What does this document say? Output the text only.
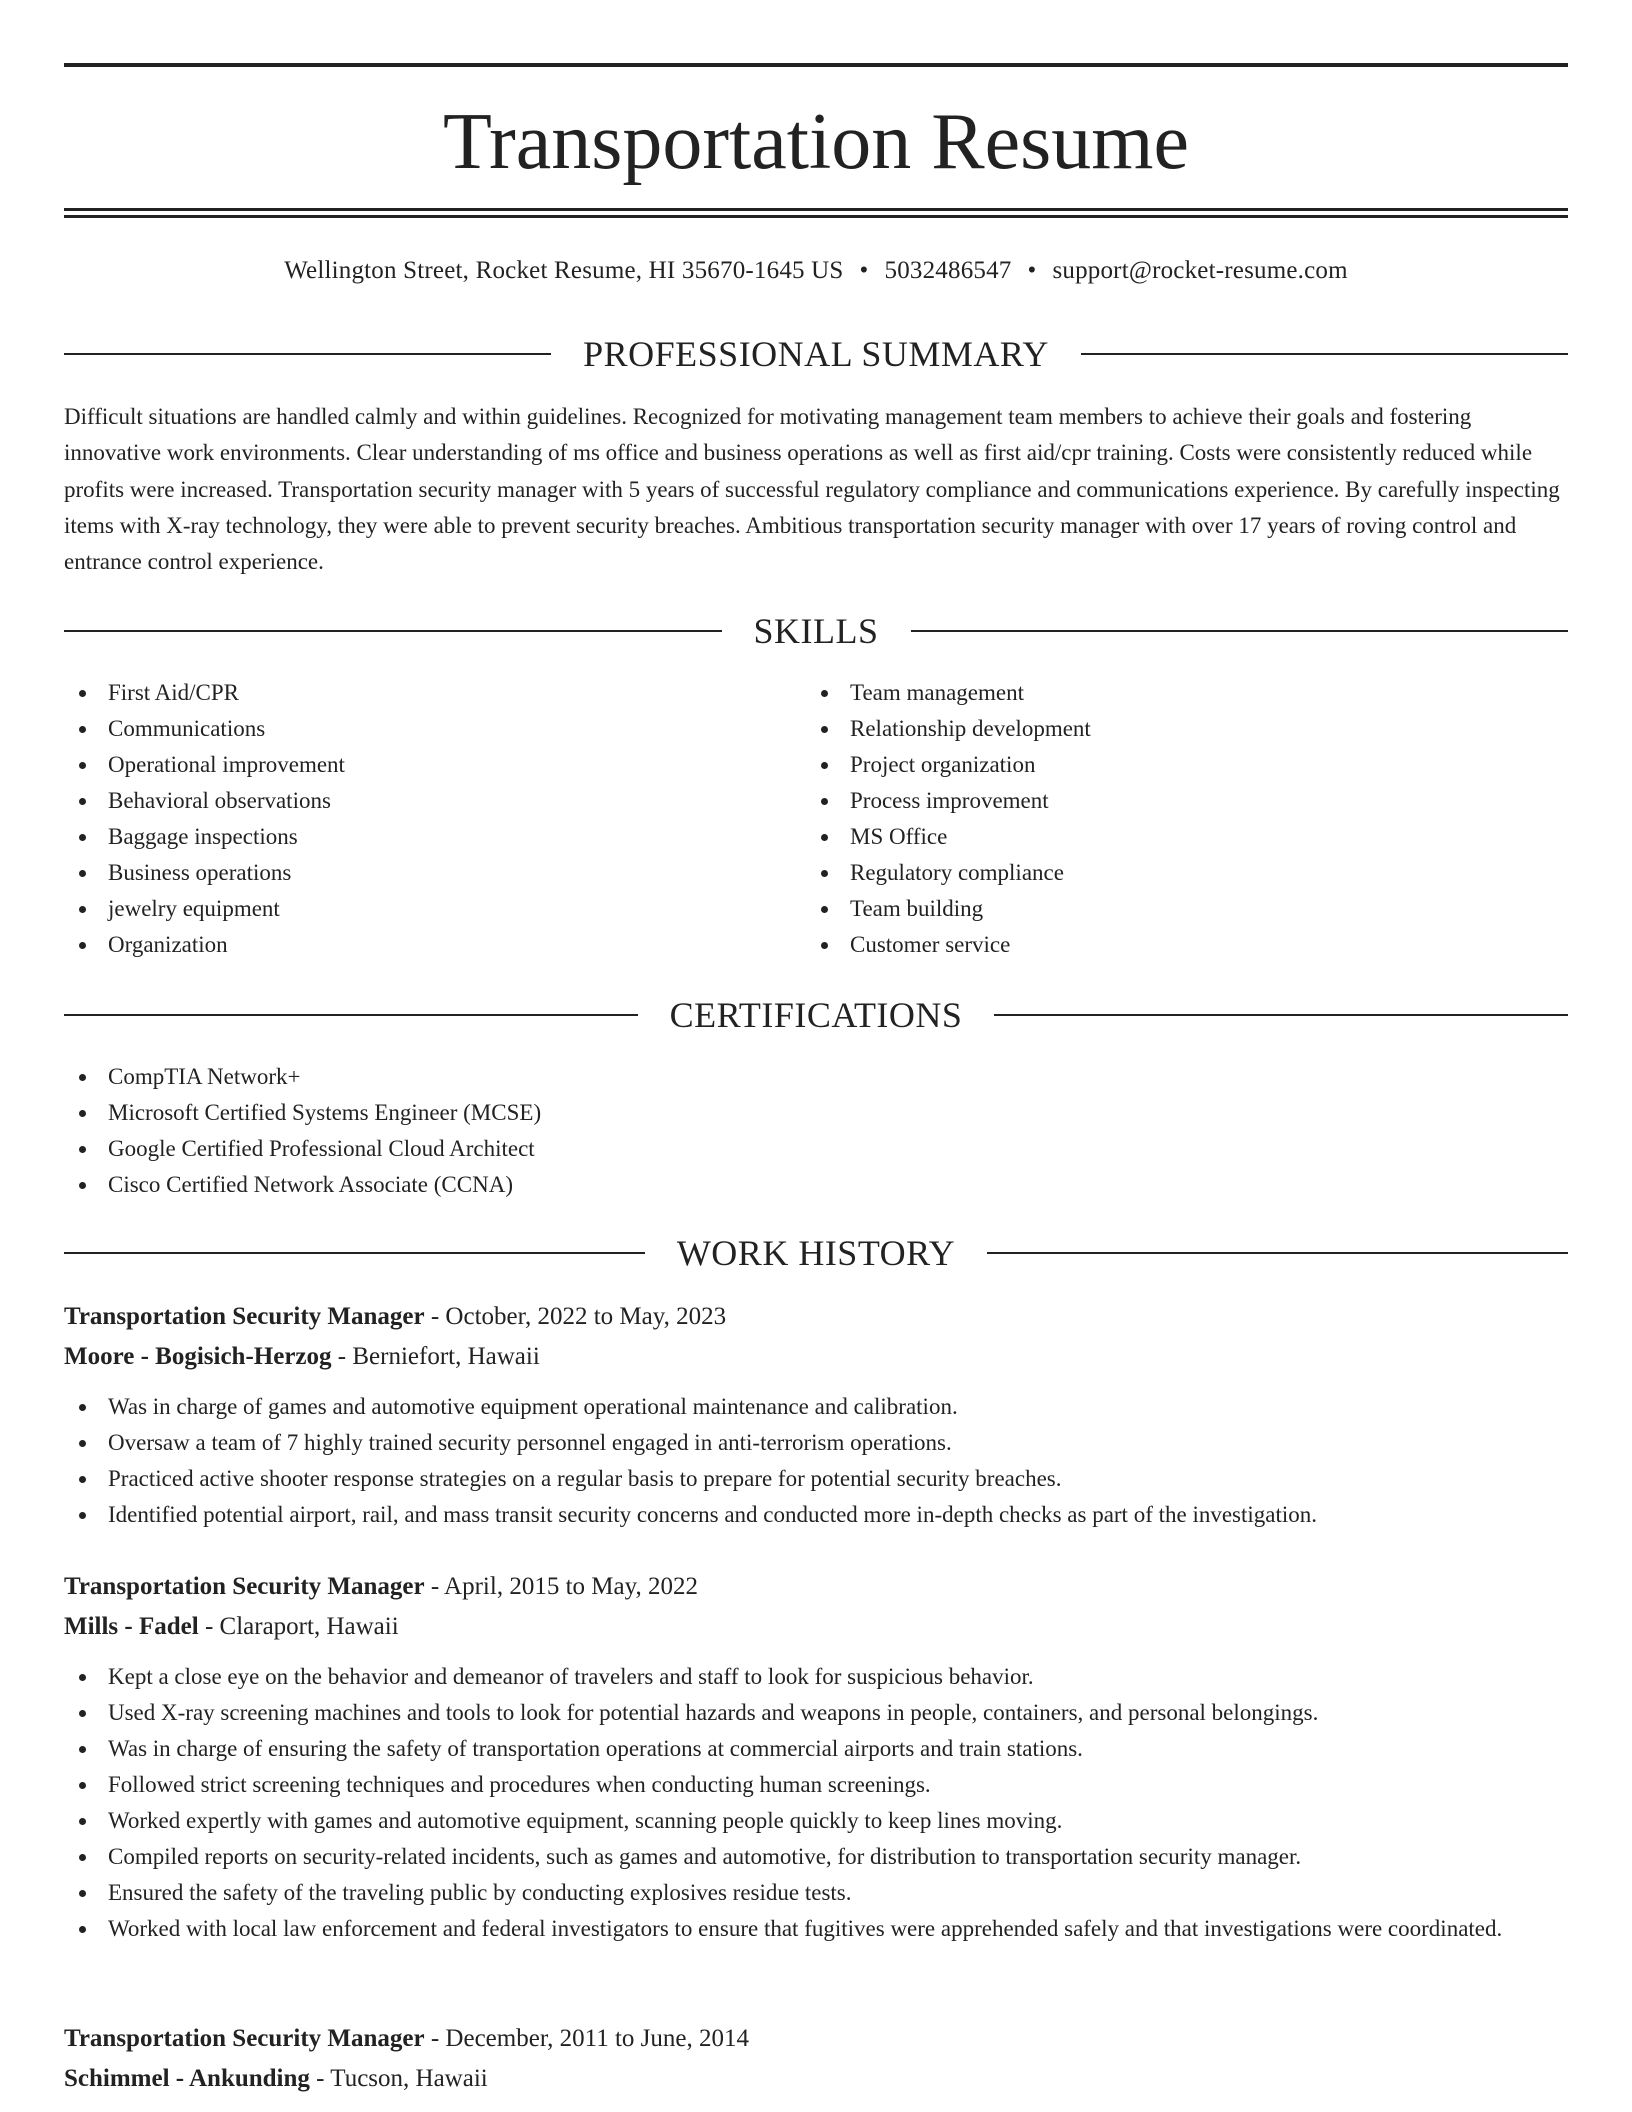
Transportation Resume
Wellington Street, Rocket Resume, HI 35670-1645 US • 5032486547 • support@rocket-resume.com
PROFESSIONAL SUMMARY

Difficult situations are handled calmly and within guidelines. Recognized for motivating management team members to achieve their goals and fostering innovative work environments. Clear understanding of ms office and business operations as well as first aid/cpr training. Costs were consistently reduced while profits were increased. Transportation security manager with 5 years of successful regulatory compliance and communications experience. By carefully inspecting items with X-ray technology, they were able to prevent security breaches. Ambitious transportation security manager with over 17 years of roving control and entrance control experience.

SKILLS
First Aid/CPR
Communications
Operational improvement
Behavioral observations
Baggage inspections
Business operations
jewelry equipment
Organization
Team management
Relationship development
Project organization
Process improvement
MS Office
Regulatory compliance
Team building
Customer service
CERTIFICATIONS
CompTIA Network+
Microsoft Certified Systems Engineer (MCSE)
Google Certified Professional Cloud Architect
Cisco Certified Network Associate (CCNA)
WORK HISTORY
Transportation Security Manager - October, 2022 to May, 2023
Moore - Bogisich-Herzog - Berniefort, Hawaii
Was in charge of games and automotive equipment operational maintenance and calibration.
Oversaw a team of 7 highly trained security personnel engaged in anti-terrorism operations.
Practiced active shooter response strategies on a regular basis to prepare for potential security breaches.
Identified potential airport, rail, and mass transit security concerns and conducted more in-depth checks as part of the investigation.
Transportation Security Manager - April, 2015 to May, 2022
Mills - Fadel - Claraport, Hawaii
Kept a close eye on the behavior and demeanor of travelers and staff to look for suspicious behavior.
Used X-ray screening machines and tools to look for potential hazards and weapons in people, containers, and personal belongings.
Was in charge of ensuring the safety of transportation operations at commercial airports and train stations.
Followed strict screening techniques and procedures when conducting human screenings.
Worked expertly with games and automotive equipment, scanning people quickly to keep lines moving.
Compiled reports on security-related incidents, such as games and automotive, for distribution to transportation security manager.
Ensured the safety of the traveling public by conducting explosives residue tests.
Worked with local law enforcement and federal investigators to ensure that fugitives were apprehended safely and that investigations were coordinated.
Transportation Security Manager - December, 2011 to June, 2014
Schimmel - Ankunding - Tucson, Hawaii
